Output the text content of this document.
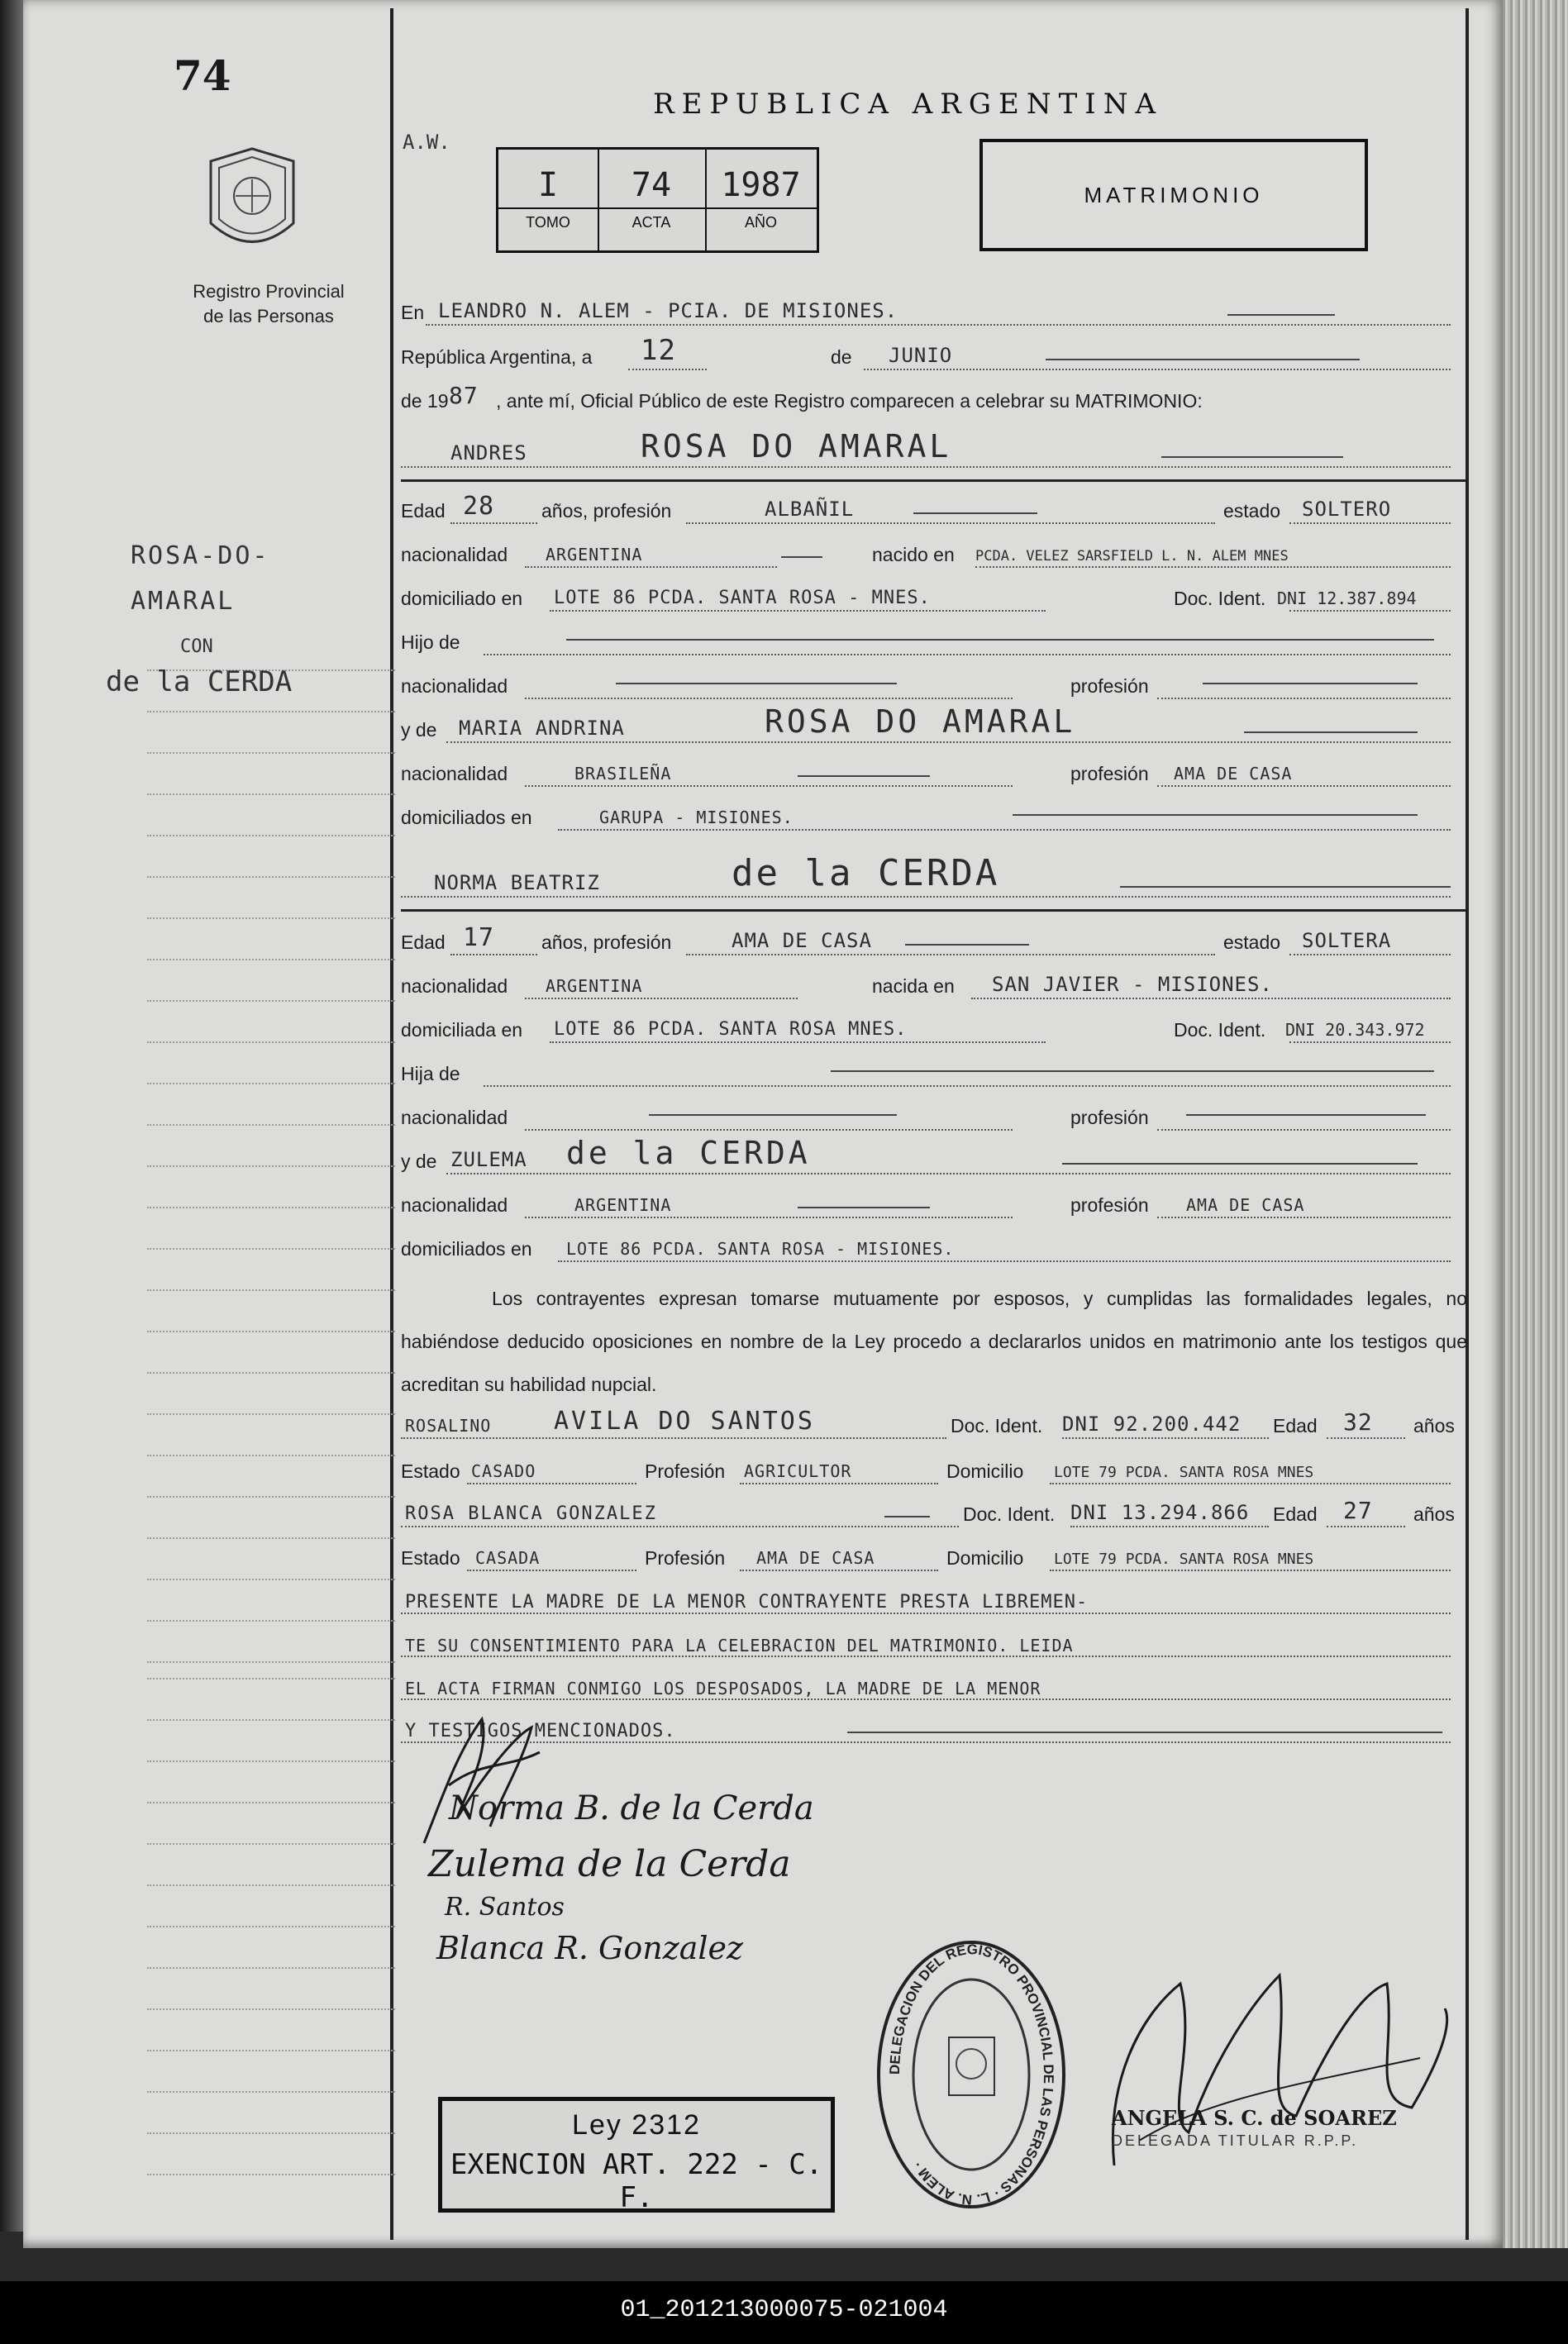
74
Registro Provincial
de las Personas
ROSA-DO-
AMARAL
CON
de la CERDA
REPUBLICA ARGENTINA
A.W.
I
TOMO
74
ACTA
1987
AÑO
MATRIMONIO
En LEANDRO N. ALEM - PCIA. DE MISIONES.
República Argentina, a 12	de JUNIO
de 19 87 , ante mí, Oficial Público de este Registro comparecen a celebrar su MATRIMONIO:
ANDRES	ROSA DO AMARAL
Edad 28 años, profesión	ALBAÑIL	estado SOLTERO
nacionalidad ARGENTINA	nacido en PCDA. VELEZ SARSFIELD L. N. ALEM MNES
domiciliado en LOTE 86 PCDA. SANTA ROSA - MNES.	Doc. Ident. DNI 12.387.894
Hijo de
nacionalidad	profesión
y de MARIA ANDRINA	ROSA DO AMARAL
nacionalidad	BRASILEÑA	profesión AMA DE CASA
domiciliados en	GARUPA - MISIONES.
NORMA BEATRIZ	de la CERDA
Edad 17 años, profesión	AMA DE CASA	estado SOLTERA
nacionalidad ARGENTINA	nacida en SAN JAVIER - MISIONES.
domiciliada en LOTE 86 PCDA. SANTA ROSA MNES.	Doc. Ident. DNI 20.343.972
Hija de
nacionalidad	profesión
y de ZULEMA de la CERDA
nacionalidad	ARGENTINA	profesión AMA DE CASA
domiciliados en LOTE 86 PCDA. SANTA ROSA - MISIONES.
Los contrayentes expresan tomarse mutuamente por esposos, y cumplidas las formalidades legales, no habiéndose deducido oposiciones en nombre de la Ley procedo a declararlos unidos en matrimonio ante los testigos que acreditan su habilidad nupcial.
ROSALINO	AVILA DO SANTOS	Doc. Ident. DNI 92.200.442 Edad 32 años
Estado CASADO	Profesión AGRICULTOR	Domicilio LOTE 79 PCDA. SANTA ROSA MNES
ROSA BLANCA GONZALEZ	Doc. Ident. DNI 13.294.866 Edad 27 años
Estado CASADA	Profesión AMA DE CASA	Domicilio LOTE 79 PCDA. SANTA ROSA MNES
PRESENTE LA MADRE DE LA MENOR CONTRAYENTE PRESTA LIBREMEN-
TE SU CONSENTIMIENTO PARA LA CELEBRACION DEL MATRIMONIO. LEIDA
EL ACTA FIRMAN CONMIGO LOS DESPOSADOS, LA MADRE DE LA MENOR
Y TESTIGOS MENCIONADOS.
Norma B. de la Cerda
Zulema de la Cerda
R. Santos
Blanca R. Gonzalez
Ley 2312
EXENCION ART. 222 - C. F.
DELEGACION DEL REGISTRO PROVINCIAL DE LAS PERSONAS · L. N. ALEM ·
ANGELA S. C. de SOAREZ
DELEGADA TITULAR R.P.P.
01_201213000075-021004
